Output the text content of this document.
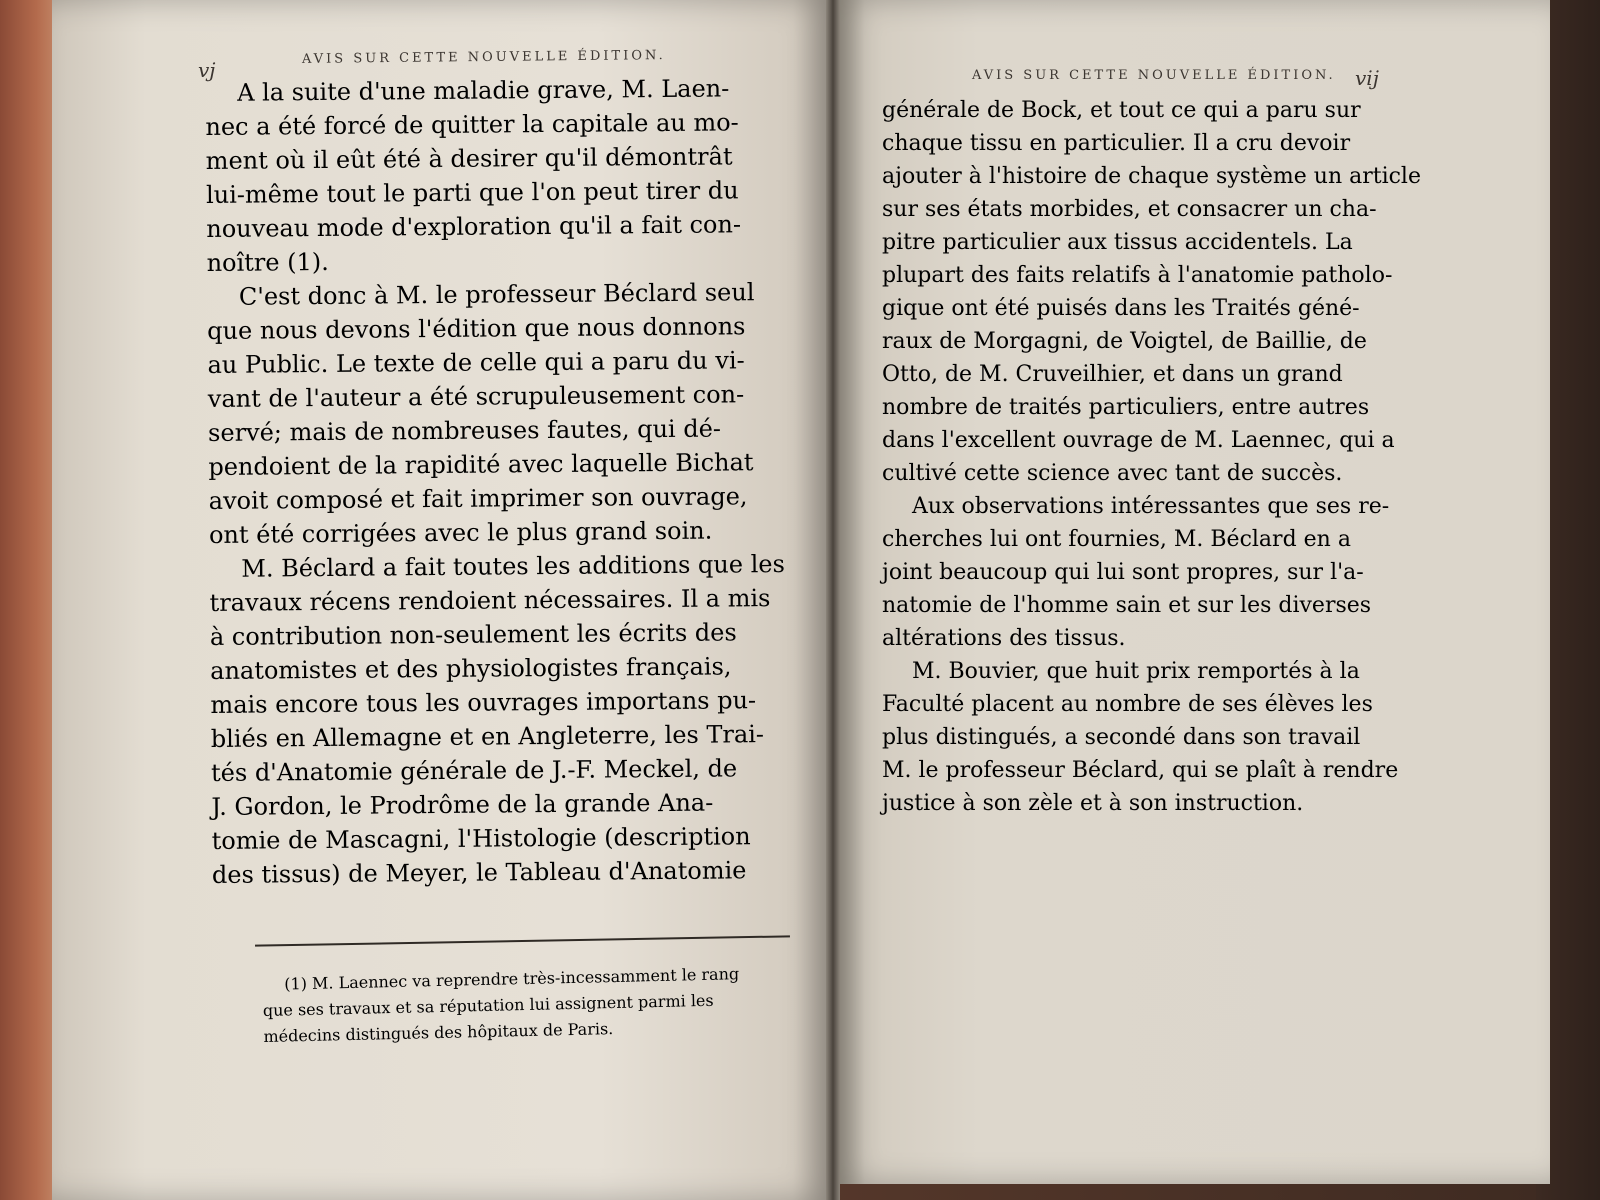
vj
AVIS SUR CETTE NOUVELLE ÉDITION.
A la suite d'une maladie grave, M. Laen-
nec a été forcé de quitter la capitale au mo-
ment où il eût été à desirer qu'il démontrât
lui-même tout le parti que l'on peut tirer du
nouveau mode d'exploration qu'il a fait con-
noître (1).
C'est donc à M. le professeur Béclard seul
que nous devons l'édition que nous donnons
au Public. Le texte de celle qui a paru du vi-
vant de l'auteur a été scrupuleusement con-
servé; mais de nombreuses fautes, qui dé-
pendoient de la rapidité avec laquelle Bichat
avoit composé et fait imprimer son ouvrage,
ont été corrigées avec le plus grand soin.
M. Béclard a fait toutes les additions que les
travaux récens rendoient nécessaires. Il a mis
à contribution non-seulement les écrits des
anatomistes et des physiologistes français,
mais encore tous les ouvrages importans pu-
bliés en Allemagne et en Angleterre, les Trai-
tés d'Anatomie générale de J.-F. Meckel, de
J. Gordon, le Prodrôme de la grande Ana-
tomie de Mascagni, l'Histologie (description
des tissus) de Meyer, le Tableau d'Anatomie
(1) M. Laennec va reprendre très-incessamment le rang
que ses travaux et sa réputation lui assignent parmi les
médecins distingués des hôpitaux de Paris.
AVIS SUR CETTE NOUVELLE ÉDITION. vij
générale de Bock, et tout ce qui a paru sur
chaque tissu en particulier. Il a cru devoir
ajouter à l'histoire de chaque système un article
sur ses états morbides, et consacrer un cha-
pitre particulier aux tissus accidentels. La
plupart des faits relatifs à l'anatomie patholo-
gique ont été puisés dans les Traités géné-
raux de Morgagni, de Voigtel, de Baillie, de
Otto, de M. Cruveilhier, et dans un grand
nombre de traités particuliers, entre autres
dans l'excellent ouvrage de M. Laennec, qui a
cultivé cette science avec tant de succès.
Aux observations intéressantes que ses re-
cherches lui ont fournies, M. Béclard en a
joint beaucoup qui lui sont propres, sur l'a-
natomie de l'homme sain et sur les diverses
altérations des tissus.
M. Bouvier, que huit prix remportés à la
Faculté placent au nombre de ses élèves les
plus distingués, a secondé dans son travail
M. le professeur Béclard, qui se plaît à rendre
justice à son zèle et à son instruction.
